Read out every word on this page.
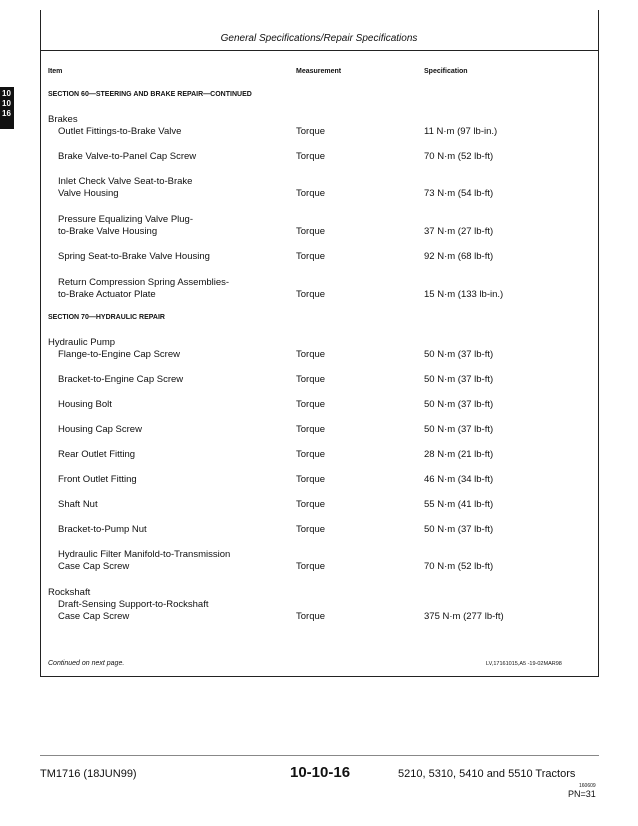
General Specifications/Repair Specifications
Item	Measurement	Specification
10
10
16
SECTION 60—STEERING AND BRAKE REPAIR—CONTINUED
Brakes
SECTION 70—HYDRAULIC REPAIR
Hydraulic Pump
Rockshaft
Outlet Fittings-to-Brake Valve	Torque	11 N·m (97 lb-in.)
Brake Valve-to-Panel Cap Screw	Torque	70 N·m (52 lb-ft)
Inlet Check Valve Seat-to-Brake
Valve Housing	Torque	73 N·m (54 lb-ft)
Pressure Equalizing Valve Plug-
to-Brake Valve Housing	Torque	37 N·m (27 lb-ft)
Spring Seat-to-Brake Valve Housing	Torque	92 N·m (68 lb-ft)
Return Compression Spring Assemblies-
to-Brake Actuator Plate	Torque	15 N·m (133 lb-in.)
Flange-to-Engine Cap Screw	Torque	50 N·m (37 lb-ft)
Bracket-to-Engine Cap Screw	Torque	50 N·m (37 lb-ft)
Housing Bolt	Torque	50 N·m (37 lb-ft)
Housing Cap Screw	Torque	50 N·m (37 lb-ft)
Rear Outlet Fitting	Torque	28 N·m (21 lb-ft)
Front Outlet Fitting	Torque	46 N·m (34 lb-ft)
Shaft Nut	Torque	55 N·m (41 lb-ft)
Bracket-to-Pump Nut	Torque	50 N·m (37 lb-ft)
Hydraulic Filter Manifold-to-Transmission
Case Cap Screw	Torque	70 N·m (52 lb-ft)
Draft-Sensing Support-to-Rockshaft
Case Cap Screw	Torque	375 N·m (277 lb-ft)
Continued on next page.	LV,17161015,A5 -19-02MAR98
TM1716 (18JUN99)	10-10-16	5210, 5310, 5410 and 5510 Tractors
160609
PN=31
